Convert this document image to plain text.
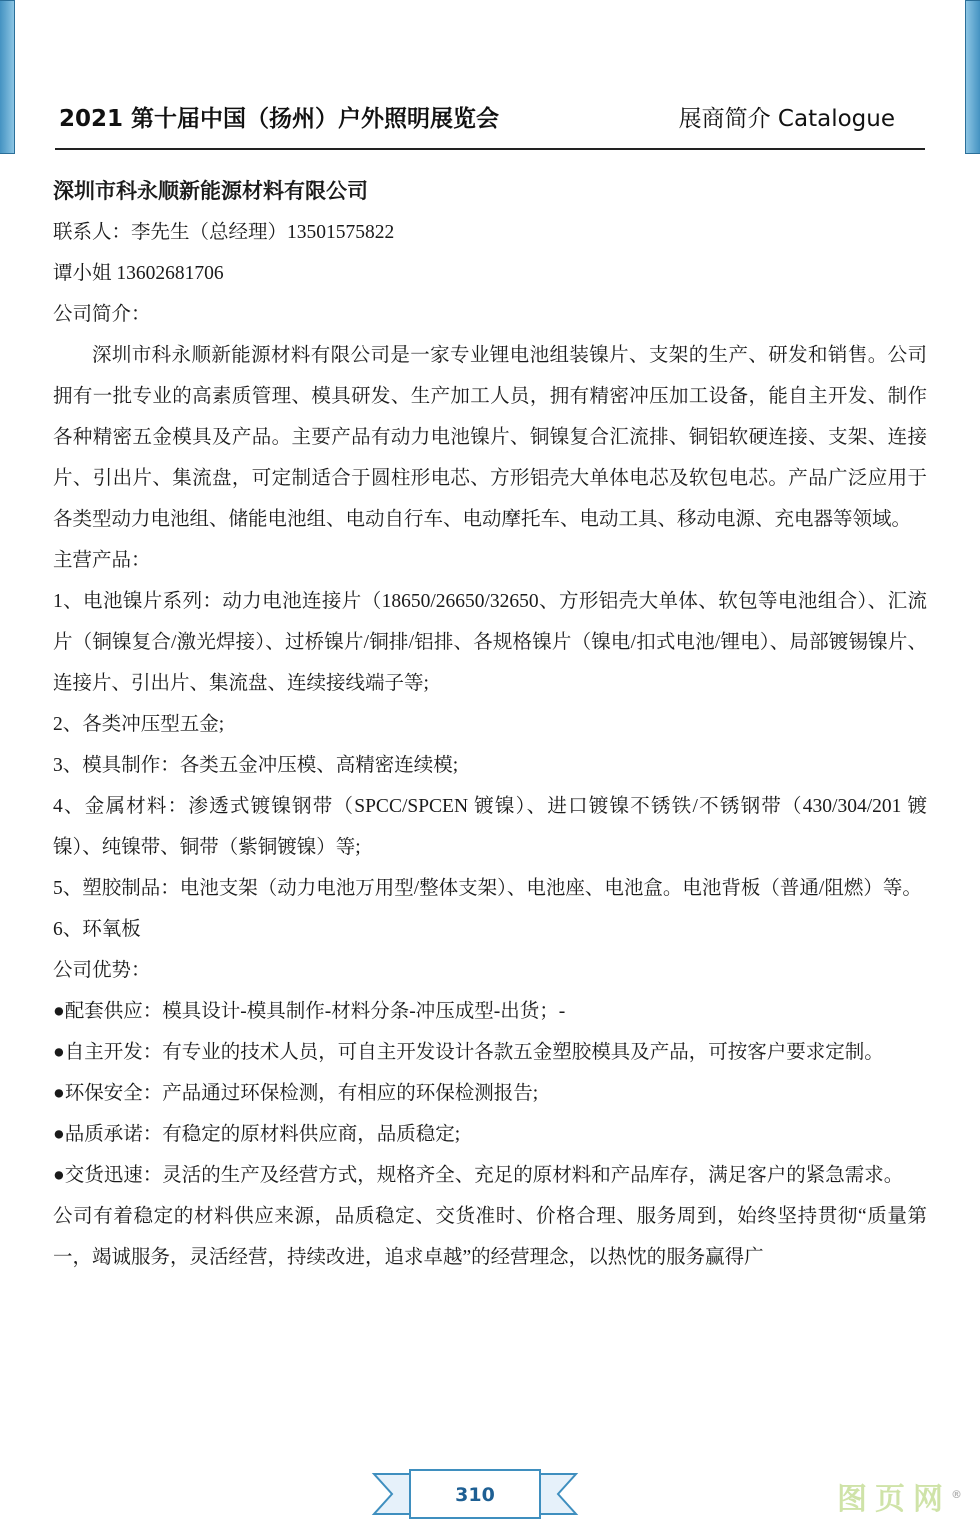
2021 第十届中国（扬州）户外照明展览会	展商简介 Catalogue

深圳市科永顺新能源材料有限公司

联系人：李先生（总经理）13501575822

谭小姐 13602681706

公司简介：

深圳市科永顺新能源材料有限公司是一家专业锂电池组装镍片、支架的生产、研发和销售。公司拥有一批专业的高素质管理、模具研发、生产加工人员，拥有精密冲压加工设备，能自主开发、制作各种精密五金模具及产品。主要产品有动力电池镍片、铜镍复合汇流排、铜铝软硬连接、支架、连接片、引出片、集流盘，可定制适合于圆柱形电芯、方形铝壳大单体电芯及软包电芯。产品广泛应用于各类型动力电池组、储能电池组、电动自行车、电动摩托车、电动工具、移动电源、充电器等领域。

主营产品：

1、电池镍片系列：动力电池连接片（18650/26650/32650、方形铝壳大单体、软包等电池组合）、汇流片（铜镍复合/激光焊接）、过桥镍片/铜排/铝排、各规格镍片（镍电/扣式电池/锂电）、局部镀锡镍片、连接片、引出片、集流盘、连续接线端子等;

2、各类冲压型五金;

3、模具制作：各类五金冲压模、高精密连续模;

4、金属材料：渗透式镀镍钢带（SPCC/SPCEN 镀镍）、进口镀镍不锈铁/不锈钢带（430/304/201 镀镍）、纯镍带、铜带（紫铜镀镍）等;

5、塑胶制品：电池支架（动力电池万用型/整体支架）、电池座、电池盒。电池背板（普通/阻燃）等。

6、环氧板

公司优势：

●配套供应：模具设计-模具制作-材料分条-冲压成型-出货；-

●自主开发：有专业的技术人员，可自主开发设计各款五金塑胶模具及产品，可按客户要求定制。

●环保安全：产品通过环保检测，有相应的环保检测报告;

●品质承诺：有稳定的原材料供应商，品质稳定;

●交货迅速：灵活的生产及经营方式，规格齐全、充足的原材料和产品库存，满足客户的紧急需求。

公司有着稳定的材料供应来源，品质稳定、交货准时、价格合理、服务周到，始终坚持贯彻“质量第一，竭诚服务，灵活经营，持续改进，追求卓越”的经营理念，以热忱的服务赢得广

310	图页网®
